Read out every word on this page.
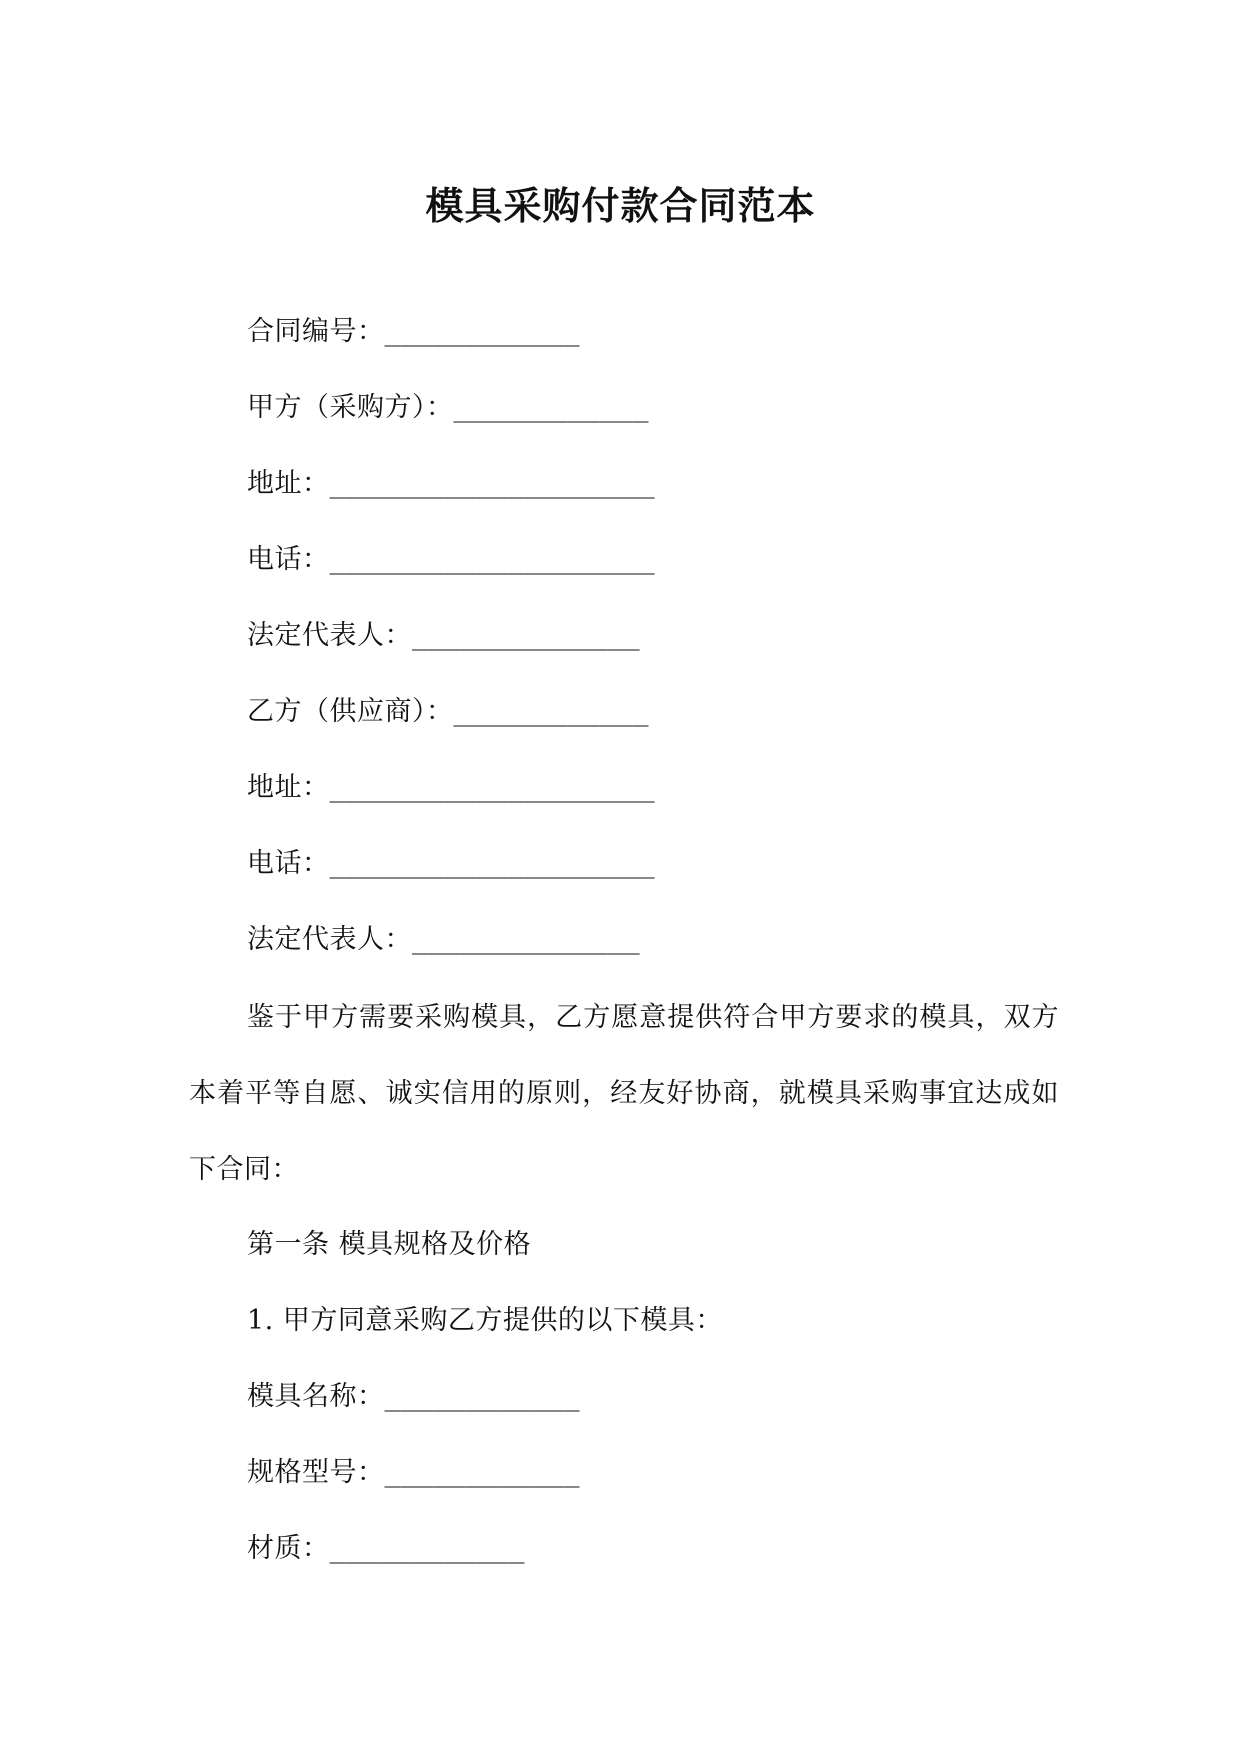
模具采购付款合同范本
合同编号：____________
甲方（采购方）：____________
地址：____________________
电话：____________________
法定代表人：______________
乙方（供应商）：____________
地址：____________________
电话：____________________
法定代表人：______________
鉴于甲方需要采购模具，乙方愿意提供符合甲方要求的模具，双方本着平等自愿、诚实信用的原则，经友好协商，就模具采购事宜达成如下合同：
第一条 模具规格及价格
1. 甲方同意采购乙方提供的以下模具：
模具名称：____________
规格型号：____________
材质：____________
